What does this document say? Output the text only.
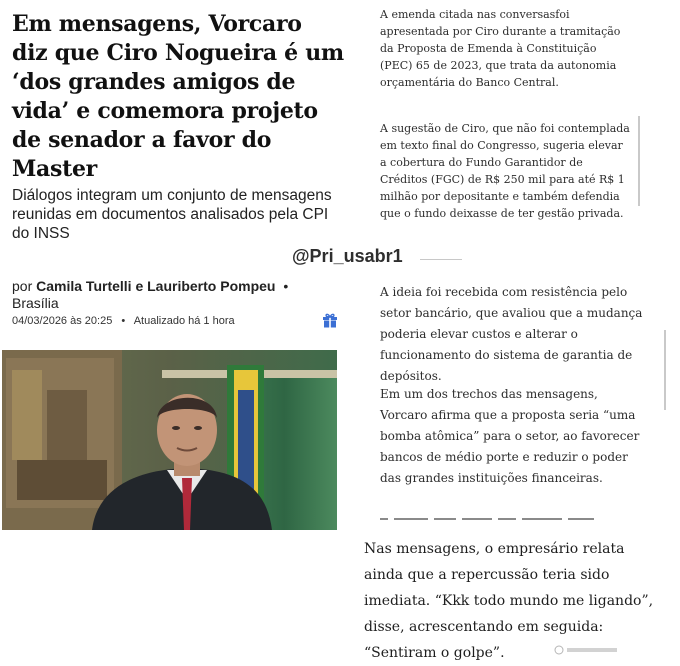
Em mensagens, Vorcaro diz que Ciro Nogueira é um ‘dos grandes amigos de vida’ e comemora projeto de senador a favor do Master

Diálogos integram um conjunto de mensagens reunidas em documentos analisados pela CPI do INSS

por Camila Turtelli e Lauriberto Pompeu •
Brasília
04/03/2026 às 20:25 • Atualizado há 1 hora

A emenda citada nas conversasfoi apresentada por Ciro durante a tramitação da Proposta de Emenda à Constituição (PEC) 65 de 2023, que trata da autonomia orçamentária do Banco Central.

A sugestão de Ciro, que não foi contemplada em texto final do Congresso, sugeria elevar a cobertura do Fundo Garantidor de Créditos (FGC) de R$ 250 mil para até R$ 1 milhão por depositante e também defendia que o fundo deixasse de ter gestão privada.

@Pri_usabr1

A ideia foi recebida com resistência pelo setor bancário, que avaliou que a mudança poderia elevar custos e alterar o funcionamento do sistema de garantia de depósitos.

Em um dos trechos das mensagens, Vorcaro afirma que a proposta seria “uma bomba atômica” para o setor, ao favorecer bancos de médio porte e reduzir o poder das grandes instituições financeiras.

Nas mensagens, o empresário relata ainda que a repercussão teria sido imediata. “Kkk todo mundo me ligando”, disse, acrescentando em seguida: “Sentiram o golpe”.
